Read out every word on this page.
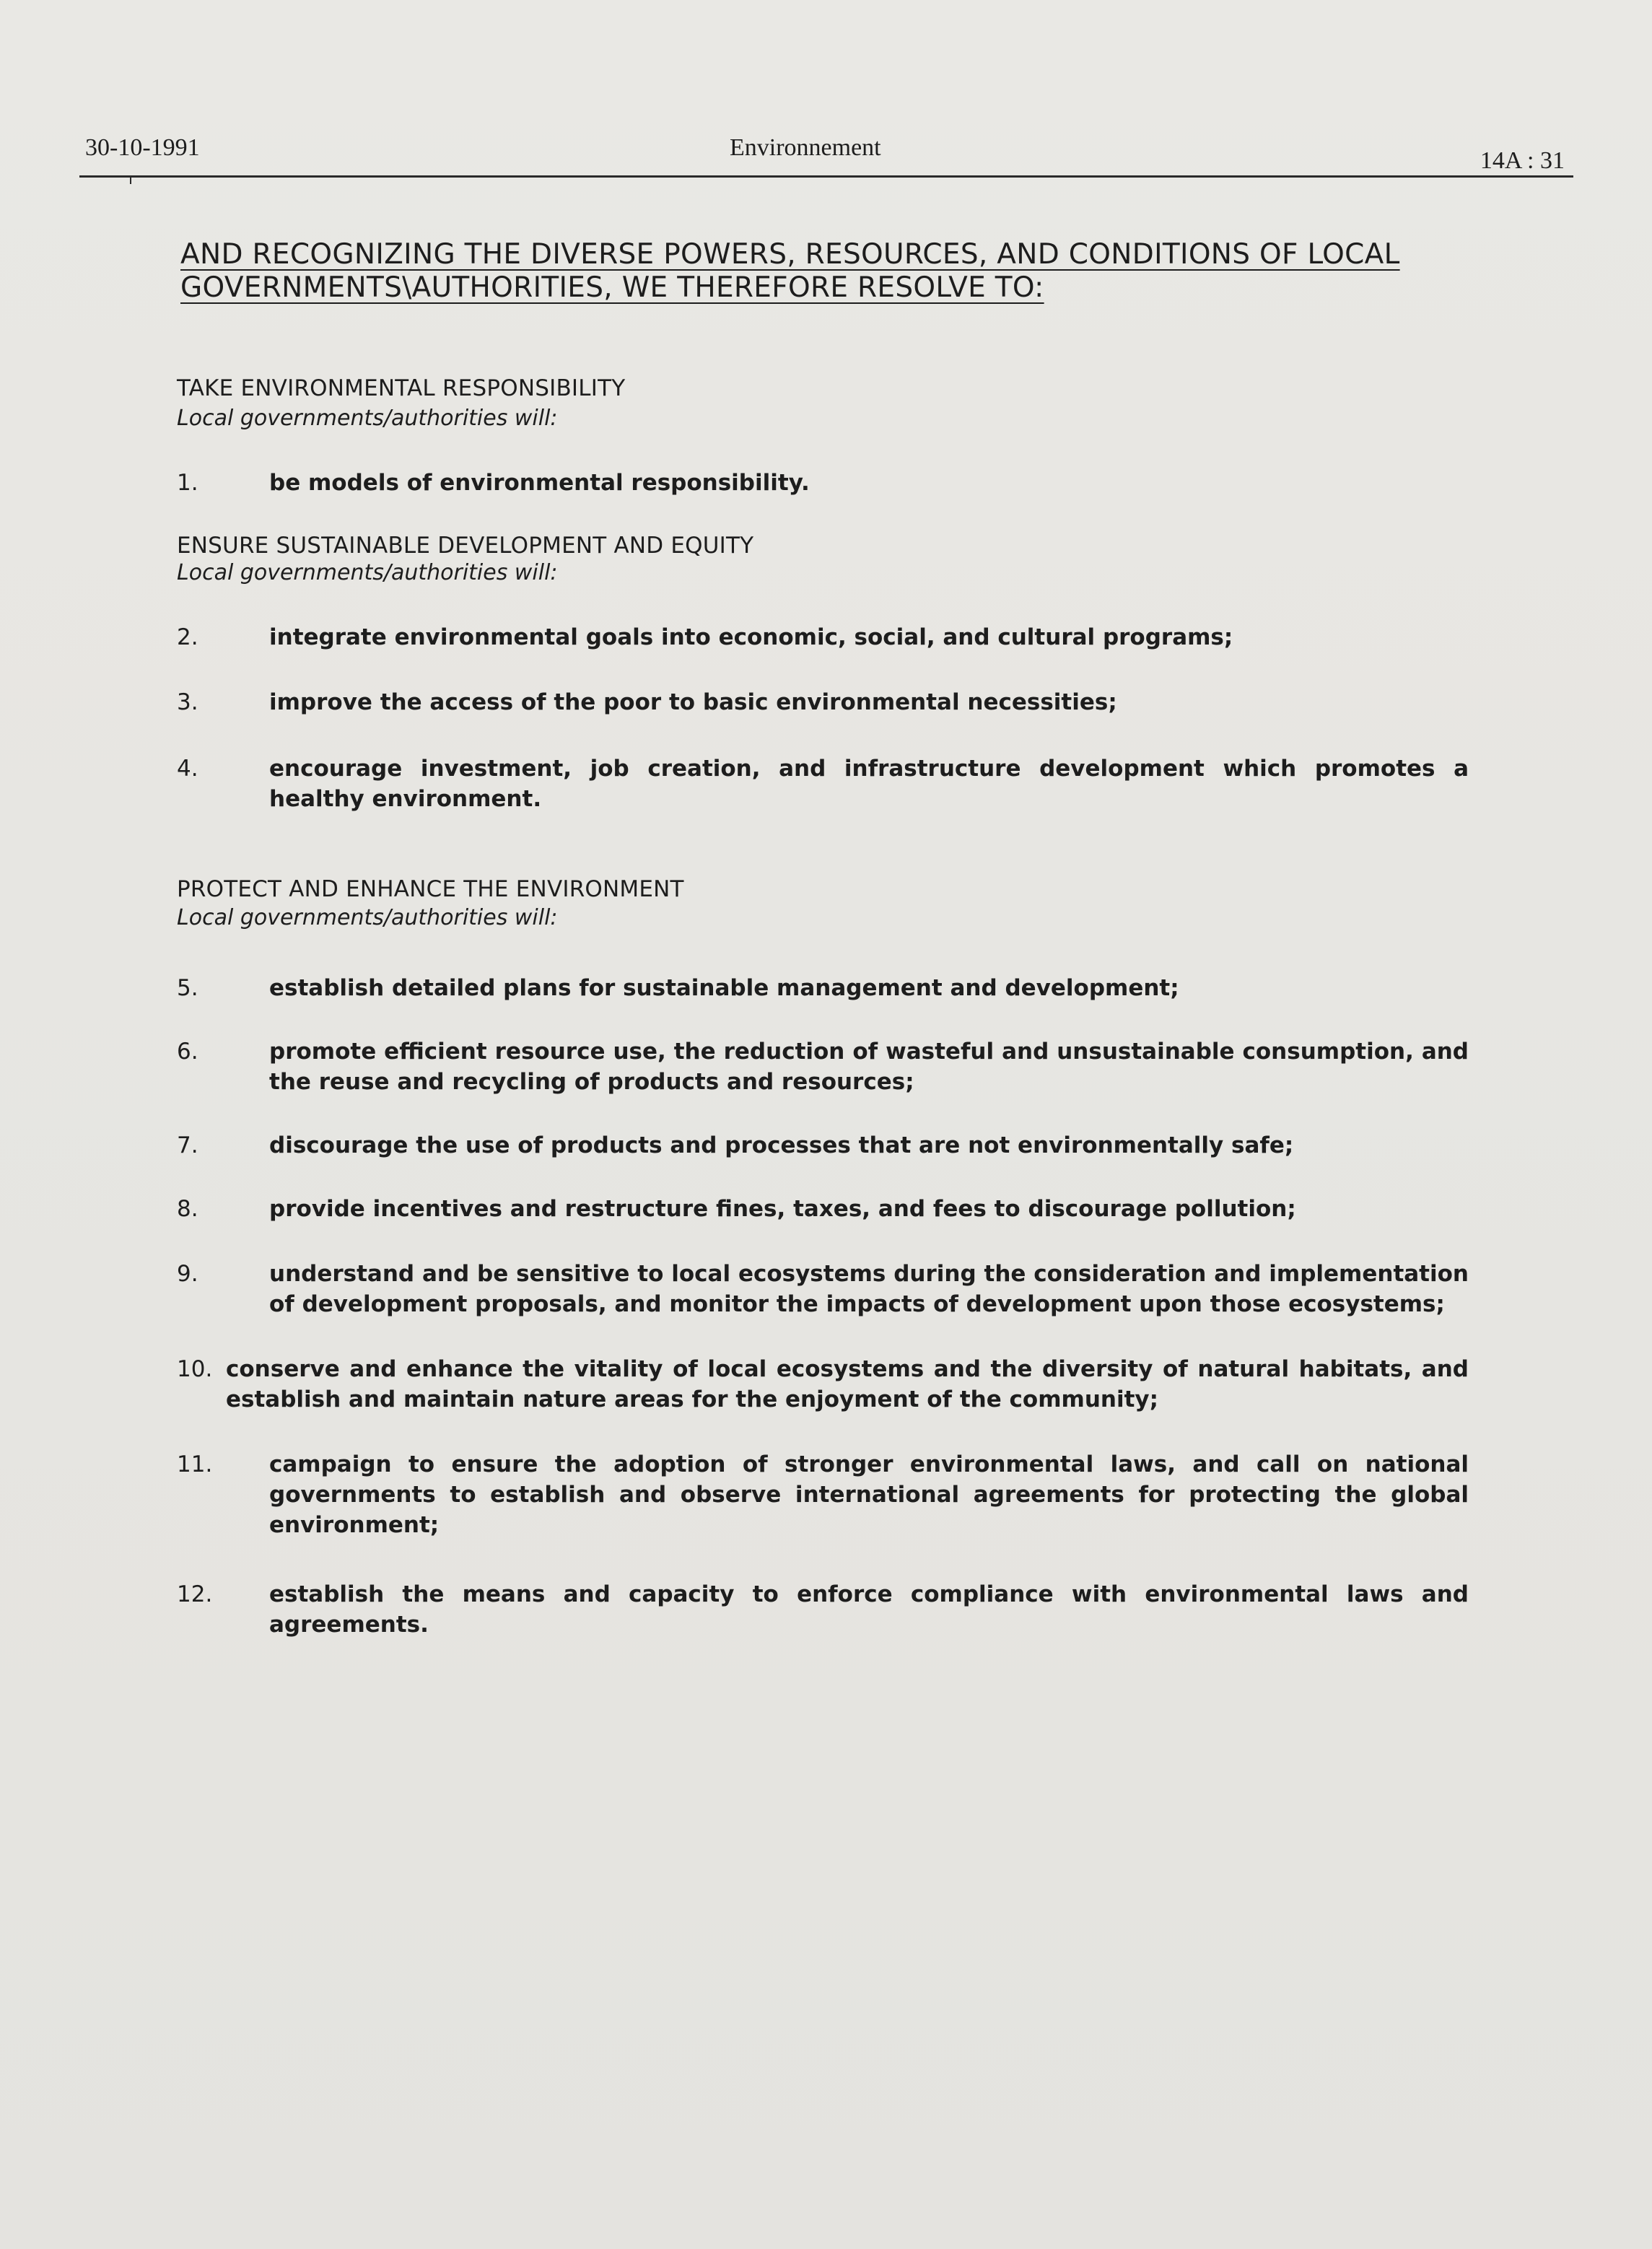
30-10-1991	Environnement	14A : 31
AND RECOGNIZING THE DIVERSE POWERS, RESOURCES, AND CONDITIONS OF LOCAL GOVERNMENTS\AUTHORITIES, WE THEREFORE RESOLVE TO:
TAKE ENVIRONMENTAL RESPONSIBILITY
Local governments/authorities will:
1.	be models of environmental responsibility.
ENSURE SUSTAINABLE DEVELOPMENT AND EQUITY
Local governments/authorities will:
2.	integrate environmental goals into economic, social, and cultural programs;
3.	improve the access of the poor to basic environmental necessities;
4.	encourage investment, job creation, and infrastructure development which promotes a healthy environment.
PROTECT AND ENHANCE THE ENVIRONMENT
Local governments/authorities will:
5.	establish detailed plans for sustainable management and development;
6.	promote efficient resource use, the reduction of wasteful and unsustainable consumption, and the reuse and recycling of products and resources;
7.	discourage the use of products and processes that are not environmentally safe;
8.	provide incentives and restructure fines, taxes, and fees to discourage pollution;
9.	understand and be sensitive to local ecosystems during the consideration and implementation of development proposals, and monitor the impacts of development upon those ecosystems;
10. conserve and enhance the vitality of local ecosystems and the diversity of natural habitats, and establish and maintain nature areas for the enjoyment of the community;
11.	campaign to ensure the adoption of stronger environmental laws, and call on national governments to establish and observe international agreements for protecting the global environment;
12.	establish the means and capacity to enforce compliance with environmental laws and agreements.
